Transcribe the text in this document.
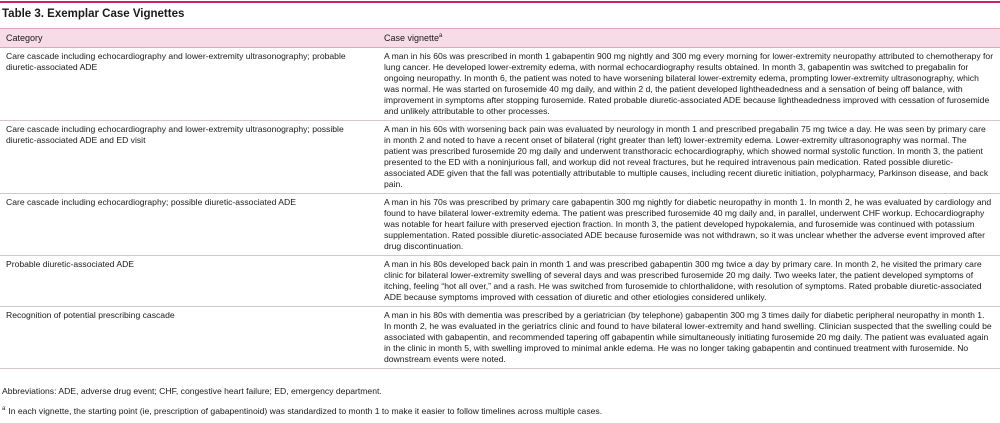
Table 3. Exemplar Case Vignettes
Category	Case vignette$^a$
Care cascade including echocardiography and lower-extremity ultrasonography; probable diuretic-associated ADE	A man in his 60s was prescribed in month 1 gabapentin 900 mg nightly and 300 mg every morning for lower-extremity neuropathy attributed to chemotherapy for lung cancer. He developed lower-extremity edema, with normal echocardiography results obtained. In month 3, gabapentin was switched to pregabalin for ongoing neuropathy. In month 6, the patient was noted to have worsening bilateral lower-extremity edema, prompting lower-extremity ultrasonography, which was normal. He was started on furosemide 40 mg daily, and within 2 d, the patient developed lightheadedness and a sensation of being off balance, with improvement in symptoms after stopping furosemide. Rated probable diuretic-associated ADE because lightheadedness improved with cessation of furosemide and unlikely attributable to other processes.
Care cascade including echocardiography and lower-extremity ultrasonography; possible diuretic-associated ADE and ED visit	A man in his 60s with worsening back pain was evaluated by neurology in month 1 and prescribed pregabalin 75 mg twice a day. He was seen by primary care in month 2 and noted to have a recent onset of bilateral (right greater than left) lower-extremity edema. Lower-extremity ultrasonography was normal. The patient was prescribed furosemide 20 mg daily and underwent transthoracic echocardiography, which showed normal systolic function. In month 3, the patient presented to the ED with a noninjurious fall, and workup did not reveal fractures, but he required intravenous pain medication. Rated possible diuretic-associated ADE given that the fall was potentially attributable to multiple causes, including recent diuretic initiation, polypharmacy, Parkinson disease, and back pain.
Care cascade including echocardiography; possible diuretic-associated ADE	A man in his 70s was prescribed by primary care gabapentin 300 mg nightly for diabetic neuropathy in month 1. In month 2, he was evaluated by cardiology and found to have bilateral lower-extremity edema. The patient was prescribed furosemide 40 mg daily and, in parallel, underwent CHF workup. Echocardiography was notable for heart failure with preserved ejection fraction. In month 3, the patient developed hypokalemia, and furosemide was continued with potassium supplementation. Rated possible diuretic-associated ADE because furosemide was not withdrawn, so it was unclear whether the adverse event improved after drug discontinuation.
Probable diuretic-associated ADE	A man in his 80s developed back pain in month 1 and was prescribed gabapentin 300 mg twice a day by primary care. In month 2, he visited the primary care clinic for bilateral lower-extremity swelling of several days and was prescribed furosemide 20 mg daily. Two weeks later, the patient developed symptoms of itching, feeling “hot all over,” and a rash. He was switched from furosemide to chlorthalidone, with resolution of symptoms. Rated probable diuretic-associated ADE because symptoms improved with cessation of diuretic and other etiologies considered unlikely.
Recognition of potential prescribing cascade	A man in his 80s with dementia was prescribed by a geriatrician (by telephone) gabapentin 300 mg 3 times daily for diabetic peripheral neuropathy in month 1. In month 2, he was evaluated in the geriatrics clinic and found to have bilateral lower-extremity and hand swelling. Clinician suspected that the swelling could be associated with gabapentin, and recommended tapering off gabapentin while simultaneously initiating furosemide 20 mg daily. The patient was evaluated again in the clinic in month 5, with swelling improved to minimal ankle edema. He was no longer taking gabapentin and continued treatment with furosemide. No downstream events were noted.

Abbreviations: ADE, adverse drug event; CHF, congestive heart failure; ED, emergency department.

$^a$ In each vignette, the starting point (ie, prescription of gabapentinoid) was standardized to month 1 to make it easier to follow timelines across multiple cases.
